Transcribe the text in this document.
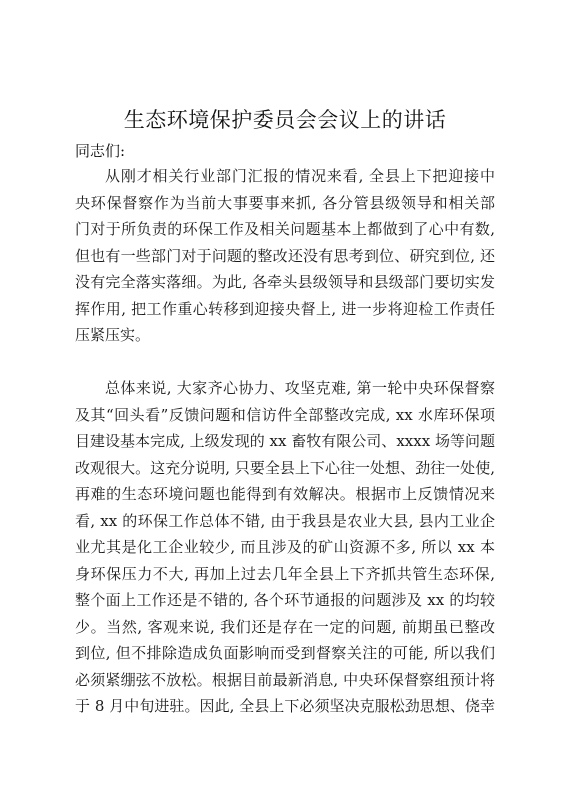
生态环境保护委员会会议上的讲话
同志们:
从刚才相关行业部门汇报的情况来看, 全县上下把迎接中
央环保督察作为当前大事要事来抓, 各分管县级领导和相关部
门对于所负责的环保工作及相关问题基本上都做到了心中有数,
但也有一些部门对于问题的整改还没有思考到位、研究到位, 还
没有完全落实落细。为此, 各牵头县级领导和县级部门要切实发
挥作用, 把工作重心转移到迎接央督上, 进一步将迎检工作责任
压紧压实。
总体来说, 大家齐心协力、攻坚克难, 第一轮中央环保督察
及其“回头看”反馈问题和信访件全部整改完成, xx 水库环保项
目建设基本完成, 上级发现的 xx 畜牧有限公司、xxxx 场等问题
改观很大。这充分说明, 只要全县上下心往一处想、劲往一处使,
再难的生态环境问题也能得到有效解决。根据市上反馈情况来
看, xx 的环保工作总体不错, 由于我县是农业大县, 县内工业企
业尤其是化工企业较少, 而且涉及的矿山资源不多, 所以 xx 本
身环保压力不大, 再加上过去几年全县上下齐抓共管生态环保,
整个面上工作还是不错的, 各个环节通报的问题涉及 xx 的均较
少。当然, 客观来说, 我们还是存在一定的问题, 前期虽已整改
到位, 但不排除造成负面影响而受到督察关注的可能, 所以我们
必须紧绷弦不放松。根据目前最新消息, 中央环保督察组预计将
于 8 月中旬进驻。因此, 全县上下必须坚决克服松劲思想、侥幸
